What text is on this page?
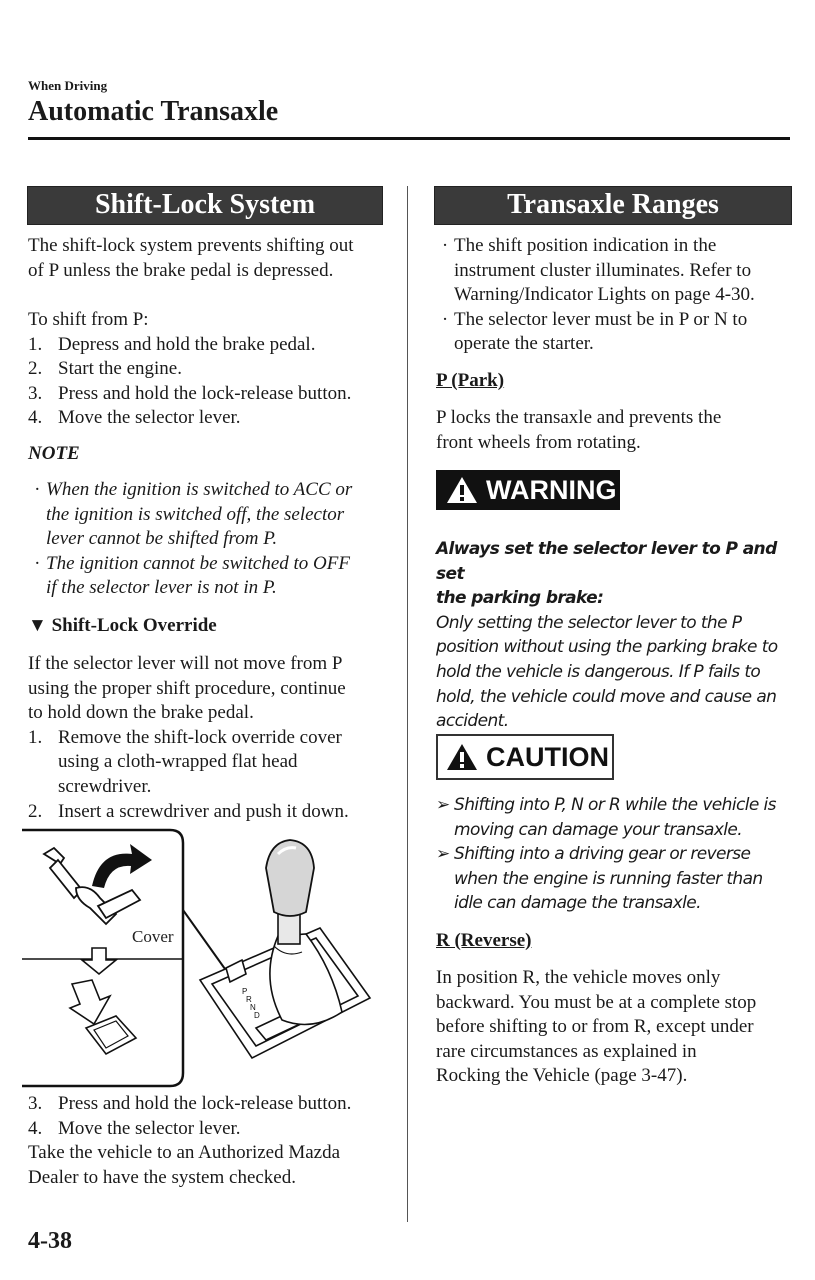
When Driving
Automatic Transaxle
Shift-Lock System
The shift-lock system prevents shifting out
of P unless the brake pedal is depressed.
To shift from P:
1. Depress and hold the brake pedal.
2. Start the engine.
3. Press and hold the lock-release button.
4. Move the selector lever.
NOTE
· When the ignition is switched to ACC or
the ignition is switched off, the selector
lever cannot be shifted from P.
· The ignition cannot be switched to OFF
if the selector lever is not in P.
▼ Shift-Lock Override
If the selector lever will not move from P
using the proper shift procedure, continue
to hold down the brake pedal.
1. Remove the shift-lock override cover
using a cloth-wrapped flat head
screwdriver.
2. Insert a screwdriver and push it down.
Cover
P
R
N
D
3. Press and hold the lock-release button.
4. Move the selector lever.
Take the vehicle to an Authorized Mazda
Dealer to have the system checked.
Transaxle Ranges
· The shift position indication in the
instrument cluster illuminates. Refer to
Warning/Indicator Lights on page 4-30.
· The selector lever must be in P or N to
operate the starter.
P (Park)
P locks the transaxle and prevents the
front wheels from rotating.
WARNING
Always set the selector lever to P and set
the parking brake:
Only setting the selector lever to the P
position without using the parking brake to
hold the vehicle is dangerous. If P fails to
hold, the vehicle could move and cause an
accident.
CAUTION
➢ Shifting into P, N or R while the vehicle is
moving can damage your transaxle.
➢ Shifting into a driving gear or reverse
when the engine is running faster than
idle can damage the transaxle.
R (Reverse)
In position R, the vehicle moves only
backward. You must be at a complete stop
before shifting to or from R, except under
rare circumstances as explained in
Rocking the Vehicle (page 3-47).
4-38
